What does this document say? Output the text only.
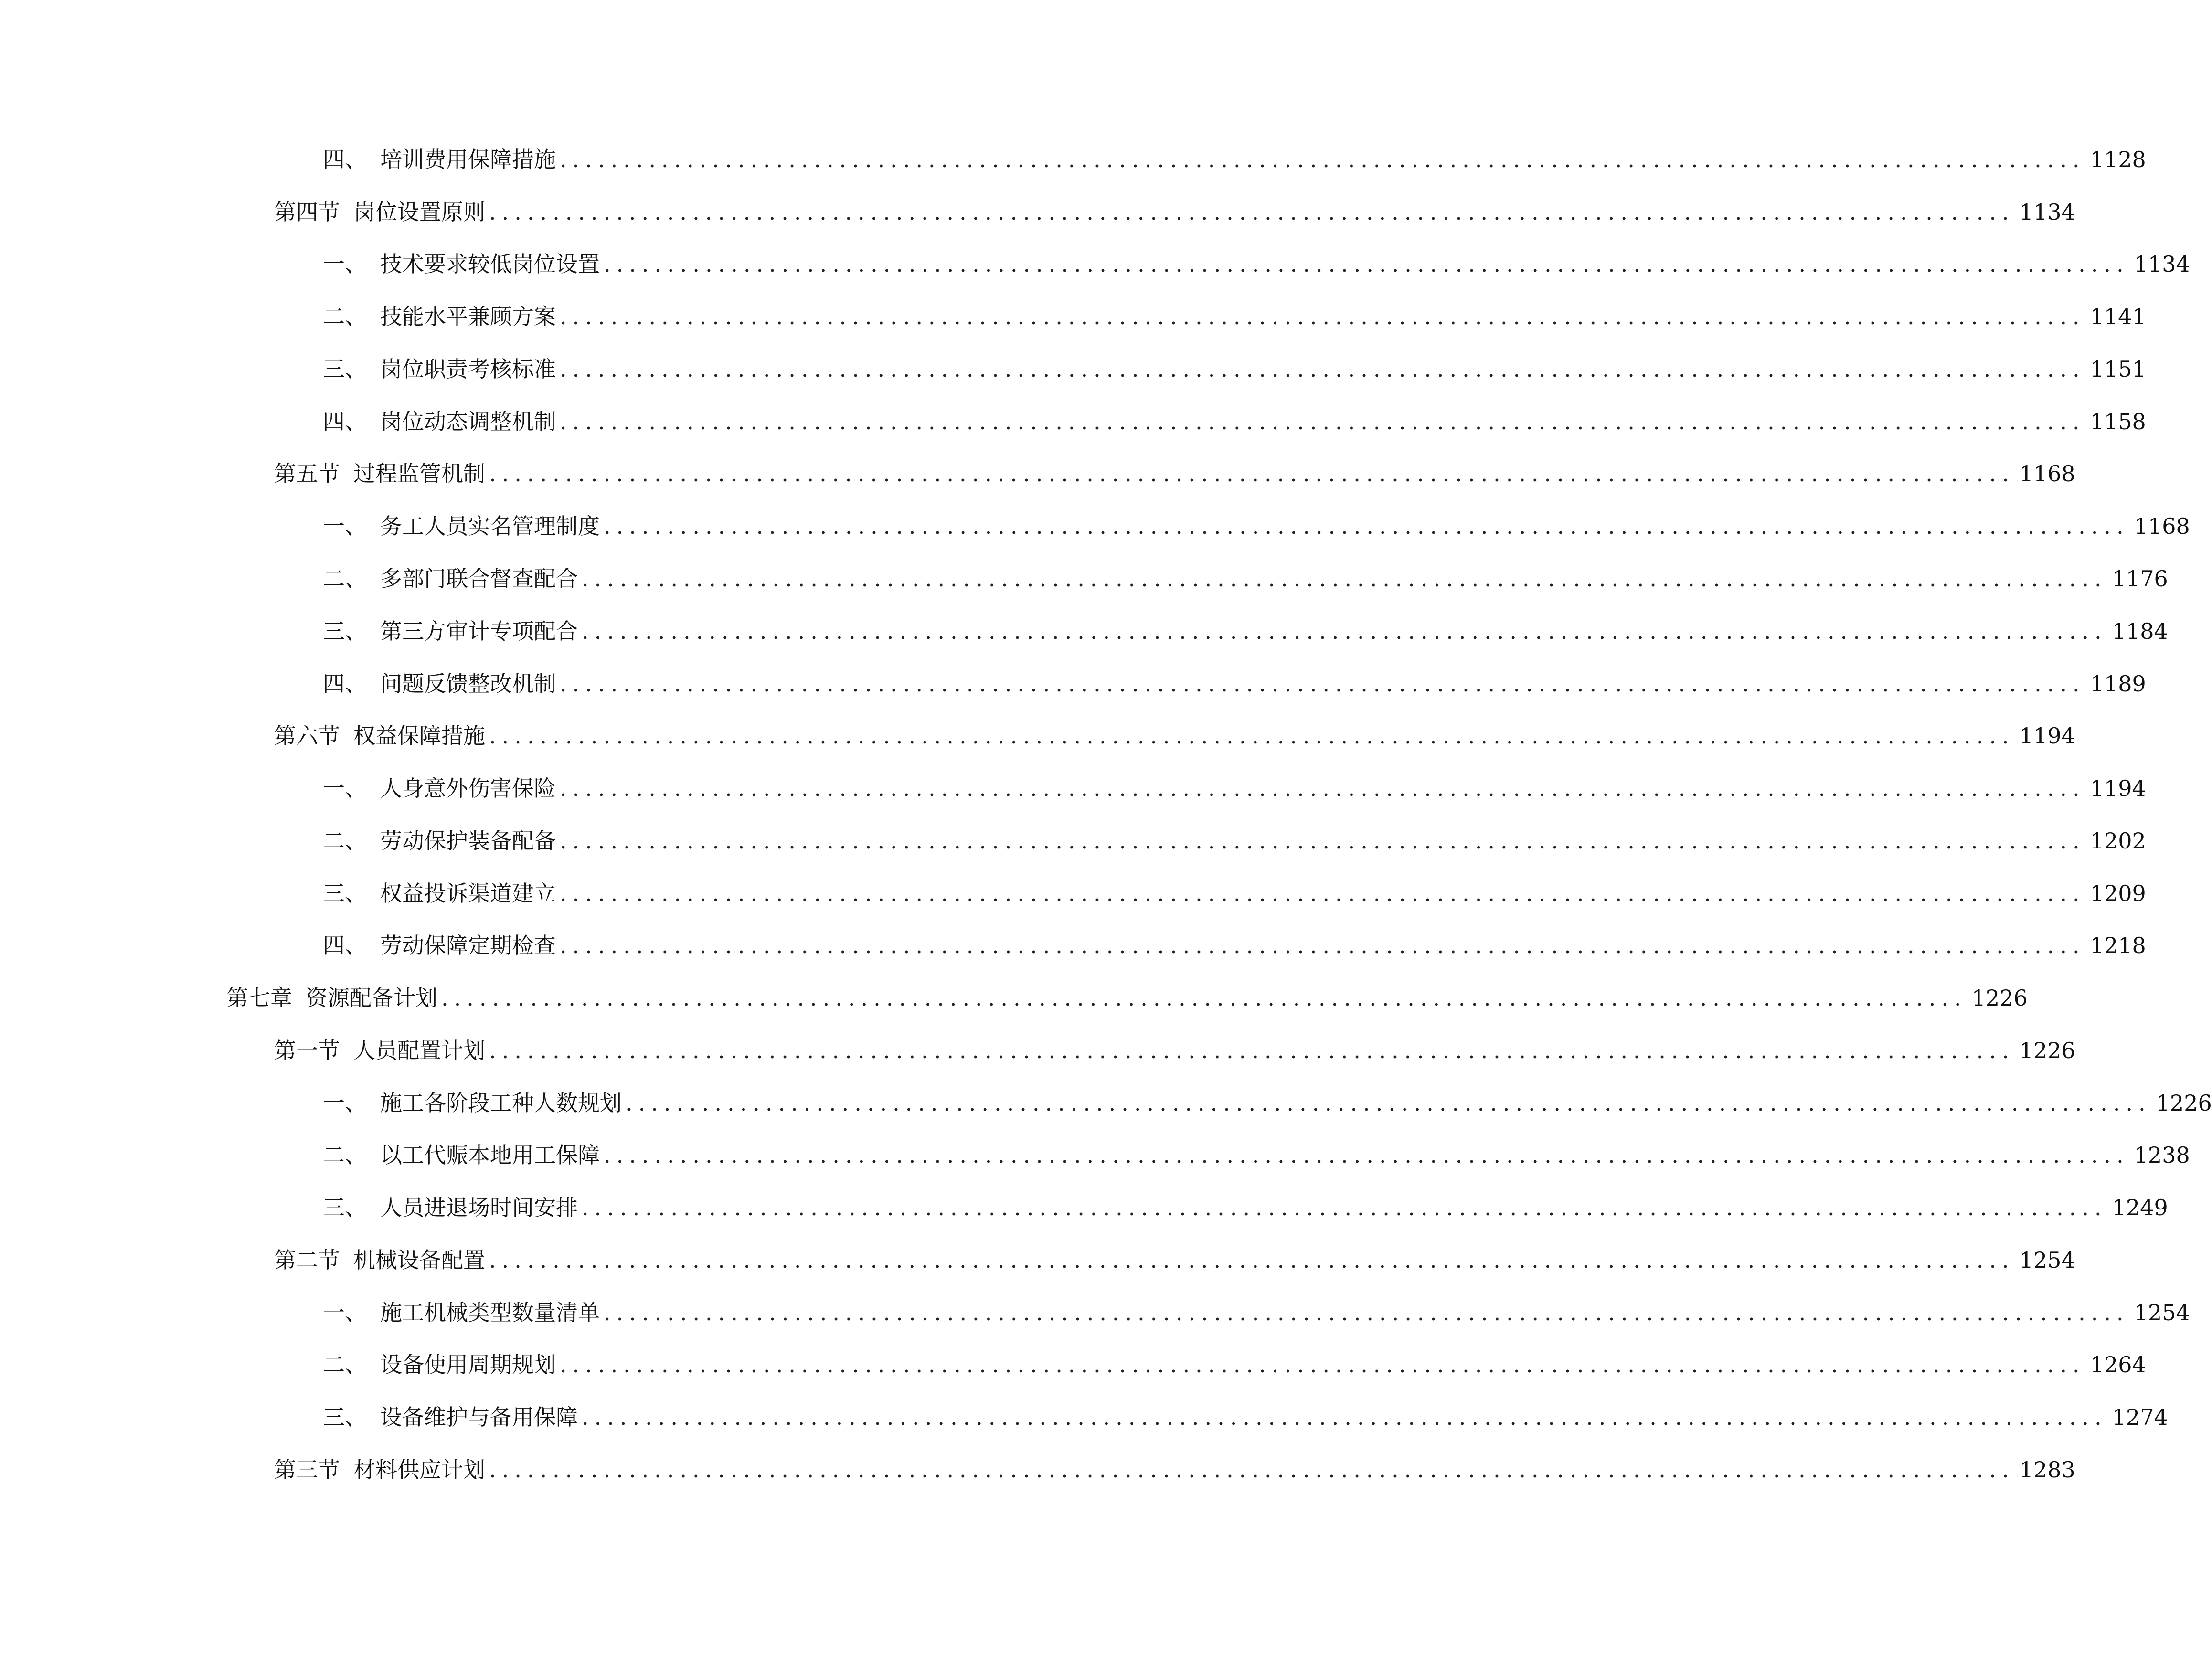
四、 培训费用保障措施 ........................................................................................................................ 1128
第四节 岗位设置原则 ........................................................................................................................ 1134
一、 技术要求较低岗位设置 ........................................................................................................................ 1134
二、 技能水平兼顾方案 ........................................................................................................................ 1141
三、 岗位职责考核标准 ........................................................................................................................ 1151
四、 岗位动态调整机制 ........................................................................................................................ 1158
第五节 过程监管机制 ........................................................................................................................ 1168
一、 务工人员实名管理制度 ........................................................................................................................ 1168
二、 多部门联合督查配合 ........................................................................................................................ 1176
三、 第三方审计专项配合 ........................................................................................................................ 1184
四、 问题反馈整改机制 ........................................................................................................................ 1189
第六节 权益保障措施 ........................................................................................................................ 1194
一、 人身意外伤害保险 ........................................................................................................................ 1194
二、 劳动保护装备配备 ........................................................................................................................ 1202
三、 权益投诉渠道建立 ........................................................................................................................ 1209
四、 劳动保障定期检查 ........................................................................................................................ 1218
第七章 资源配备计划 ........................................................................................................................ 1226
第一节 人员配置计划 ........................................................................................................................ 1226
一、 施工各阶段工种人数规划 ........................................................................................................................ 1226
二、 以工代赈本地用工保障 ........................................................................................................................ 1238
三、 人员进退场时间安排 ........................................................................................................................ 1249
第二节 机械设备配置 ........................................................................................................................ 1254
一、 施工机械类型数量清单 ........................................................................................................................ 1254
二、 设备使用周期规划 ........................................................................................................................ 1264
三、 设备维护与备用保障 ........................................................................................................................ 1274
第三节 材料供应计划 ........................................................................................................................ 1283
